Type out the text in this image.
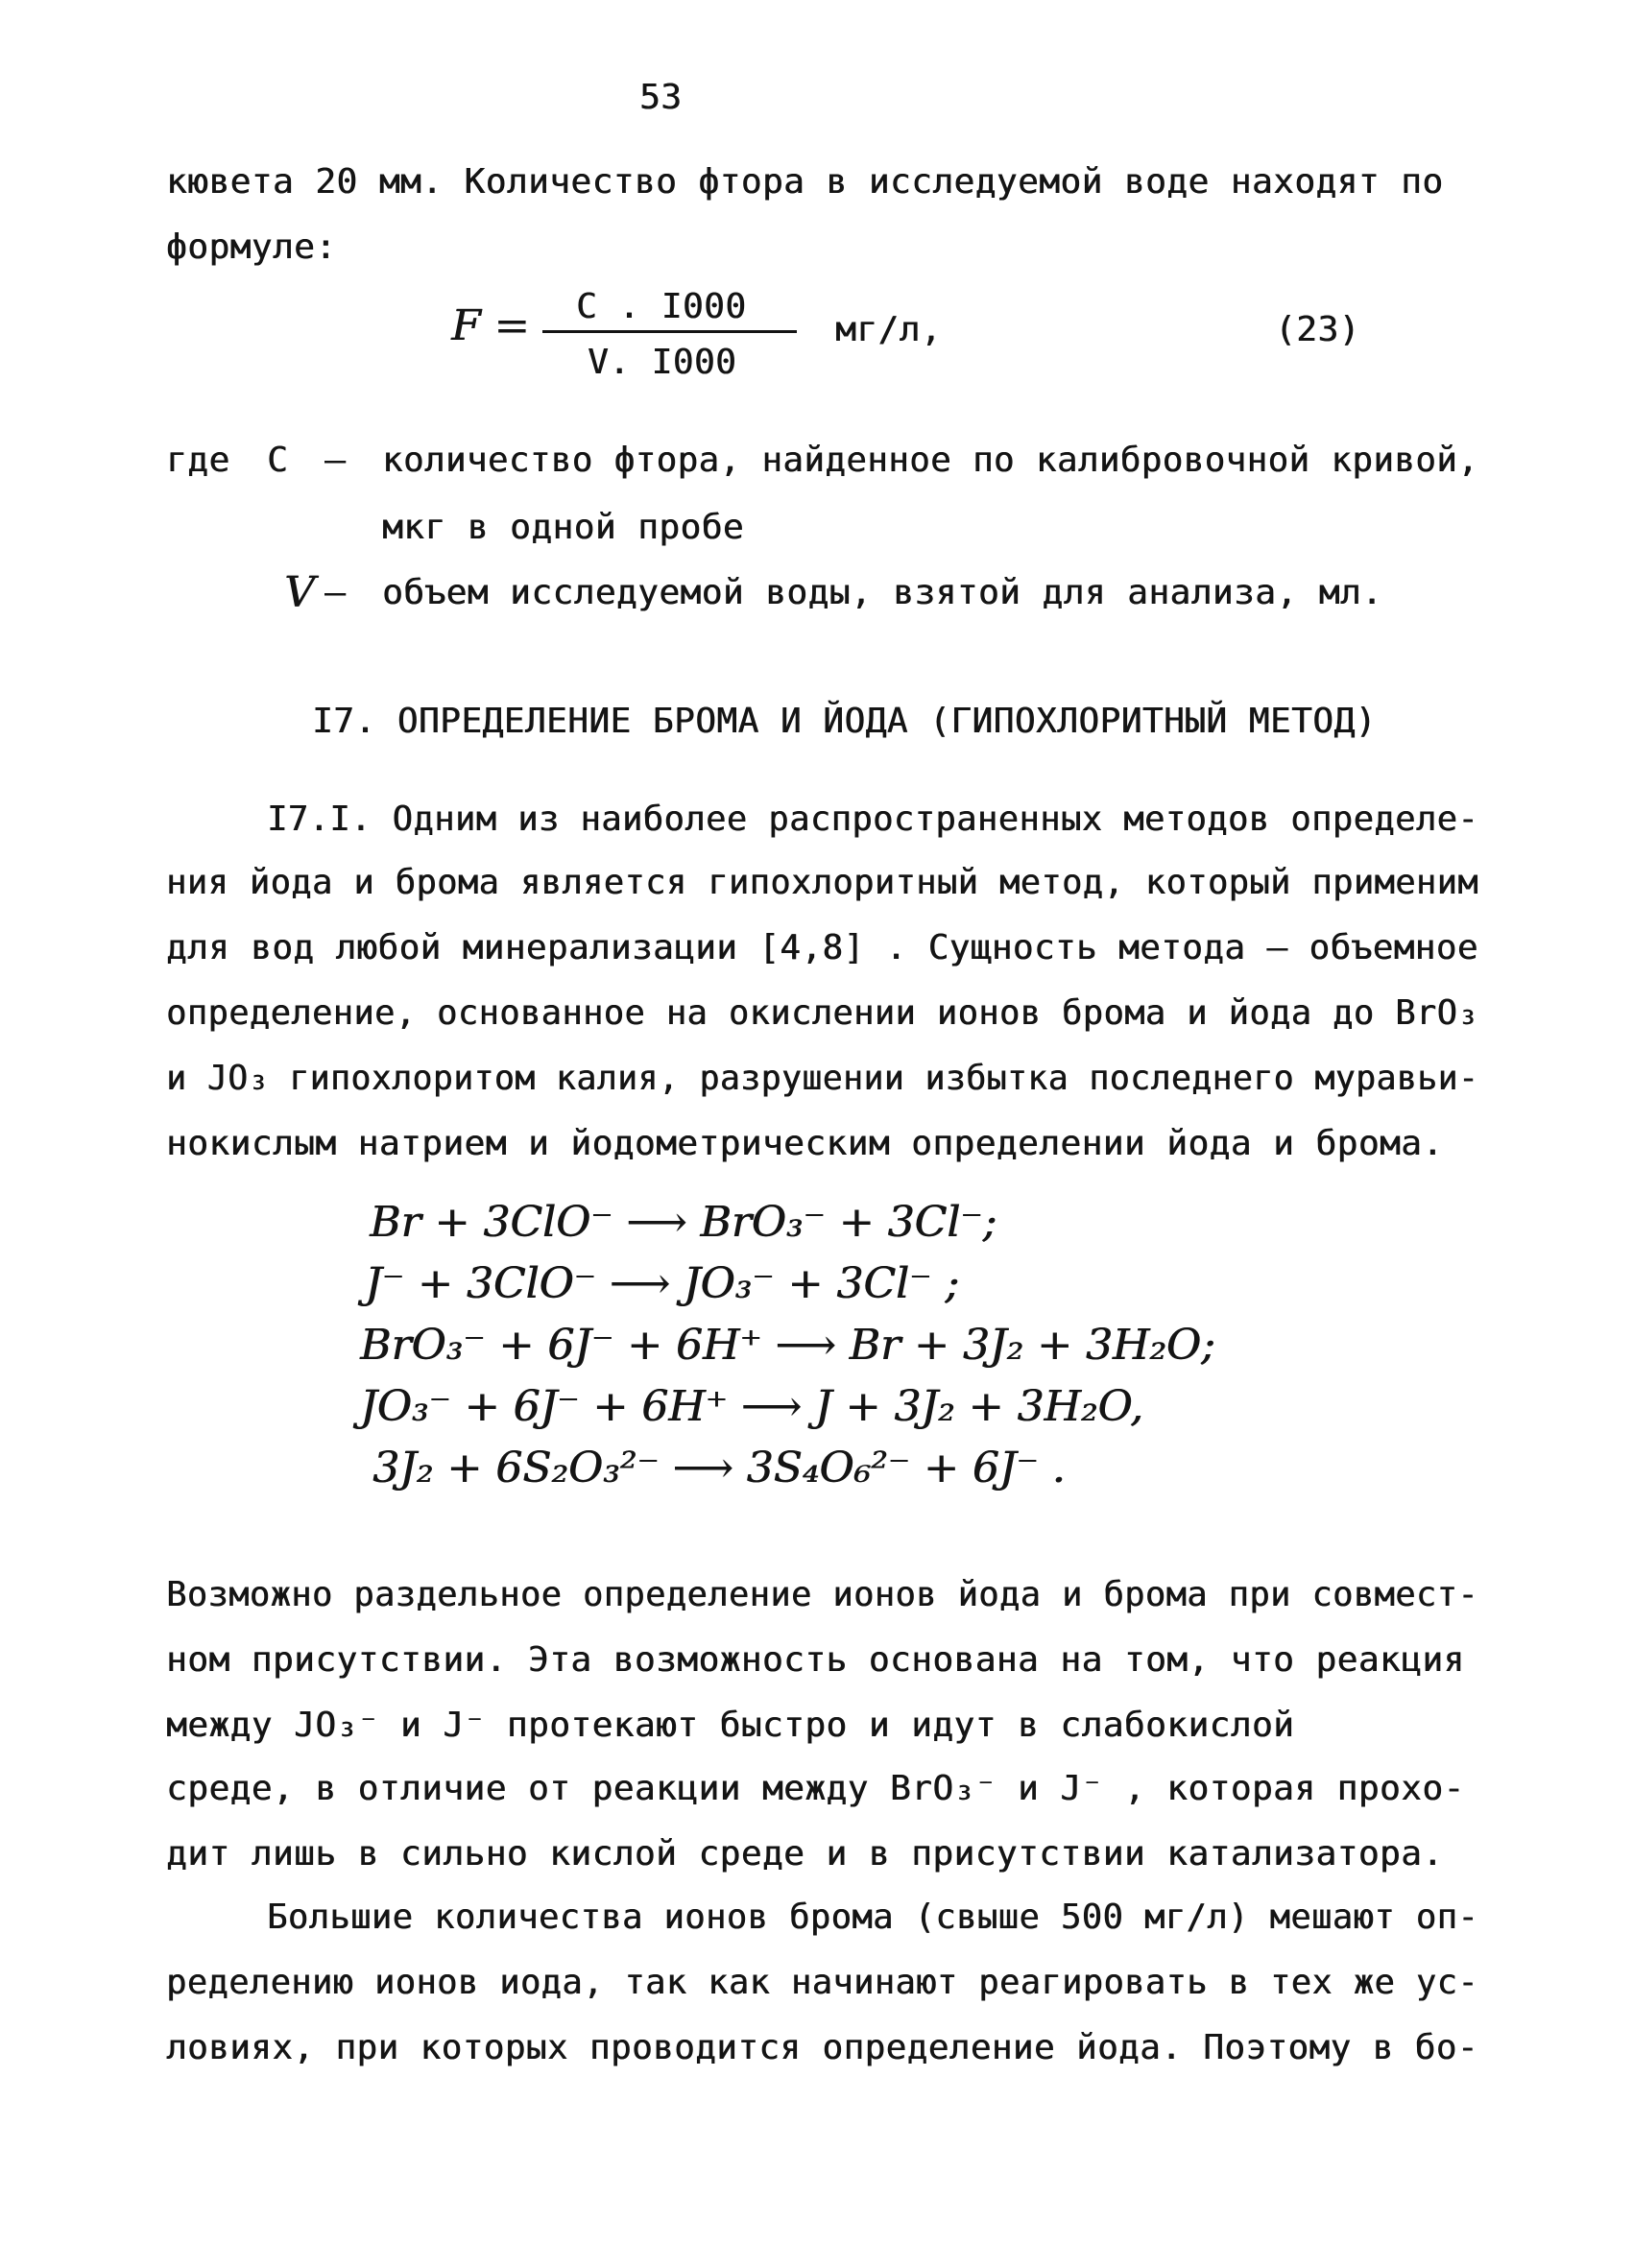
53
кювета 20 мм. Количество фтора в исследуемой воде находят по
формуле:
F = C . I000
V. I000
мг/л,	(23)
где C – количество фтора, найденное по калибровочной кривой,
мкг в одной пробе
V – объем исследуемой воды, взятой для анализа, мл.
I7. ОПРЕДЕЛЕНИЕ БРОМА И ЙОДА (ГИПОХЛОРИТНЫЙ МЕТОД)
I7.I. Одним из наиболее распространенных методов определе-
ния йода и брома является гипохлоритный метод, который применим
для вод любой минерализации [4,8] . Сущность метода – объемное
определение, основанное на окислении ионов брома и йода до BrO₃
и JO₃ гипохлоритом калия, разрушении избытка последнего муравьи-
нокислым натрием и йодометрическим определении йода и брома.
Br + 3ClO⁻ ⟶ BrO₃⁻ + 3Cl⁻;
J⁻ + 3ClO⁻ ⟶ JO₃⁻ + 3Cl⁻ ;
BrO₃⁻ + 6J⁻ + 6H⁺ ⟶ Br + 3J₂ + 3H₂O;
JO₃⁻ + 6J⁻ + 6H⁺ ⟶ J + 3J₂ + 3H₂O,
3J₂ + 6S₂O₃²⁻ ⟶ 3S₄O₆²⁻ + 6J⁻ .
Возможно раздельное определение ионов йода и брома при совмест-
ном присутствии. Эта возможность основана на том, что реакция
между JO₃⁻ и J⁻ протекают быстро и идут в слабокислой
среде, в отличие от реакции между BrO₃⁻ и J⁻ , которая прохо-
дит лишь в сильно кислой среде и в присутствии катализатора.
Большие количества ионов брома (свыше 500 мг/л) мешают оп-
ределению ионов иода, так как начинают реагировать в тех же ус-
ловиях, при которых проводится определение йода. Поэтому в бо-
